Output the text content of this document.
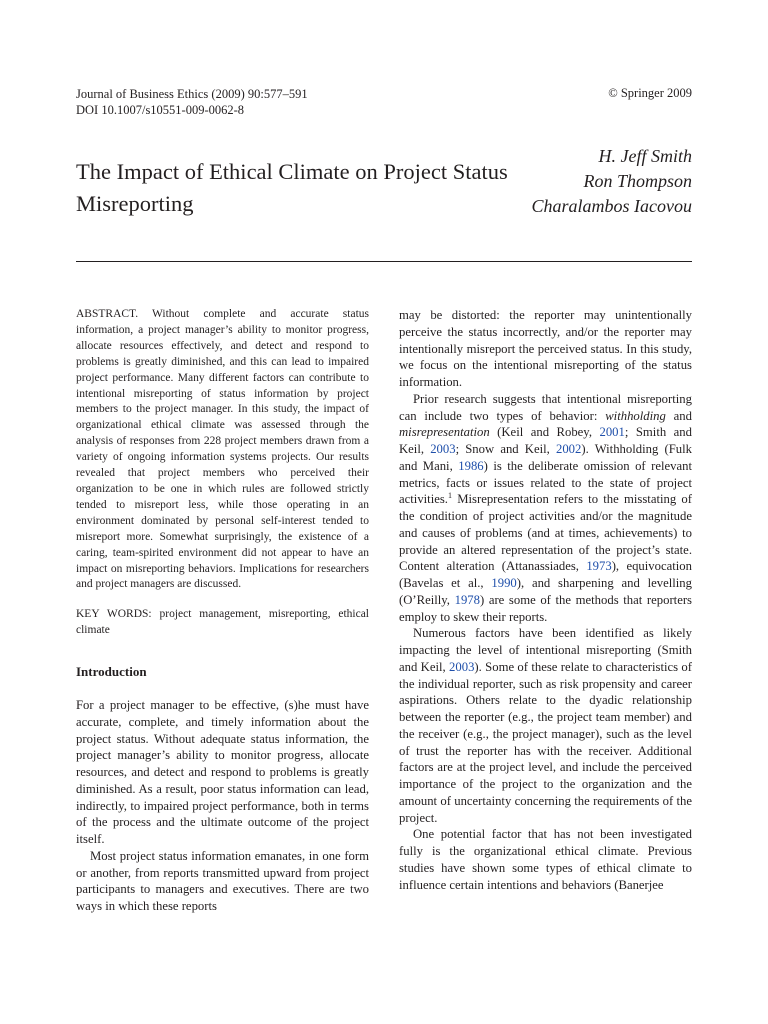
Journal of Business Ethics (2009) 90:577–591
DOI 10.1007/s10551-009-0062-8
© Springer 2009
The Impact of Ethical Climate on Project Status Misreporting
H. Jeff Smith
Ron Thompson
Charalambos Iacovou

ABSTRACT. Without complete and accurate status information, a project manager’s ability to monitor progress, allocate resources effectively, and detect and respond to problems is greatly diminished, and this can lead to impaired project performance. Many different factors can contribute to intentional misreporting of status information by project members to the project manager. In this study, the impact of organizational ethical climate was assessed through the analysis of responses from 228 project members drawn from a variety of ongoing information systems projects. Our results revealed that project members who perceived their organization to be one in which rules are followed strictly tended to misreport less, while those operating in an environment dominated by personal self-interest tended to misreport more. Somewhat surprisingly, the existence of a caring, team-spirited environment did not appear to have an impact on misreporting behaviors. Implications for researchers and project managers are discussed.

KEY WORDS: project management, misreporting, ethical climate

Introduction

For a project manager to be effective, (s)he must have accurate, complete, and timely information about the project status. Without adequate status information, the project manager’s ability to monitor progress, allocate resources, and detect and respond to problems is greatly diminished. As a result, poor status information can lead, indirectly, to impaired project performance, both in terms of the process and the ultimate outcome of the project itself.

Most project status information emanates, in one form or another, from reports transmitted upward from project participants to managers and executives. There are two ways in which these reports

may be distorted: the reporter may unintentionally perceive the status incorrectly, and/or the reporter may intentionally misreport the perceived status. In this study, we focus on the intentional misreporting of the status information.

Prior research suggests that intentional misreporting can include two types of behavior: withholding and misrepresentation (Keil and Robey, 2001; Smith and Keil, 2003; Snow and Keil, 2002). Withholding (Fulk and Mani, 1986) is the deliberate omission of relevant metrics, facts or issues related to the state of project activities.$^1$ Misrepresentation refers to the misstating of the condition of project activities and/or the magnitude and causes of problems (and at times, achievements) to provide an altered representation of the project’s state. Content alteration (Attanassiades, 1973), equivocation (Bavelas et al., 1990), and sharpening and levelling (O’Reilly, 1978) are some of the methods that reporters employ to skew their reports.

Numerous factors have been identified as likely impacting the level of intentional misreporting (Smith and Keil, 2003). Some of these relate to characteristics of the individual reporter, such as risk propensity and career aspirations. Others relate to the dyadic relationship between the reporter (e.g., the project team member) and the receiver (e.g., the project manager), such as the level of trust the reporter has with the receiver. Additional factors are at the project level, and include the perceived importance of the project to the organization and the amount of uncertainty concerning the requirements of the project.

One potential factor that has not been investigated fully is the organizational ethical climate. Previous studies have shown some types of ethical climate to influence certain intentions and behaviors (Banerjee
